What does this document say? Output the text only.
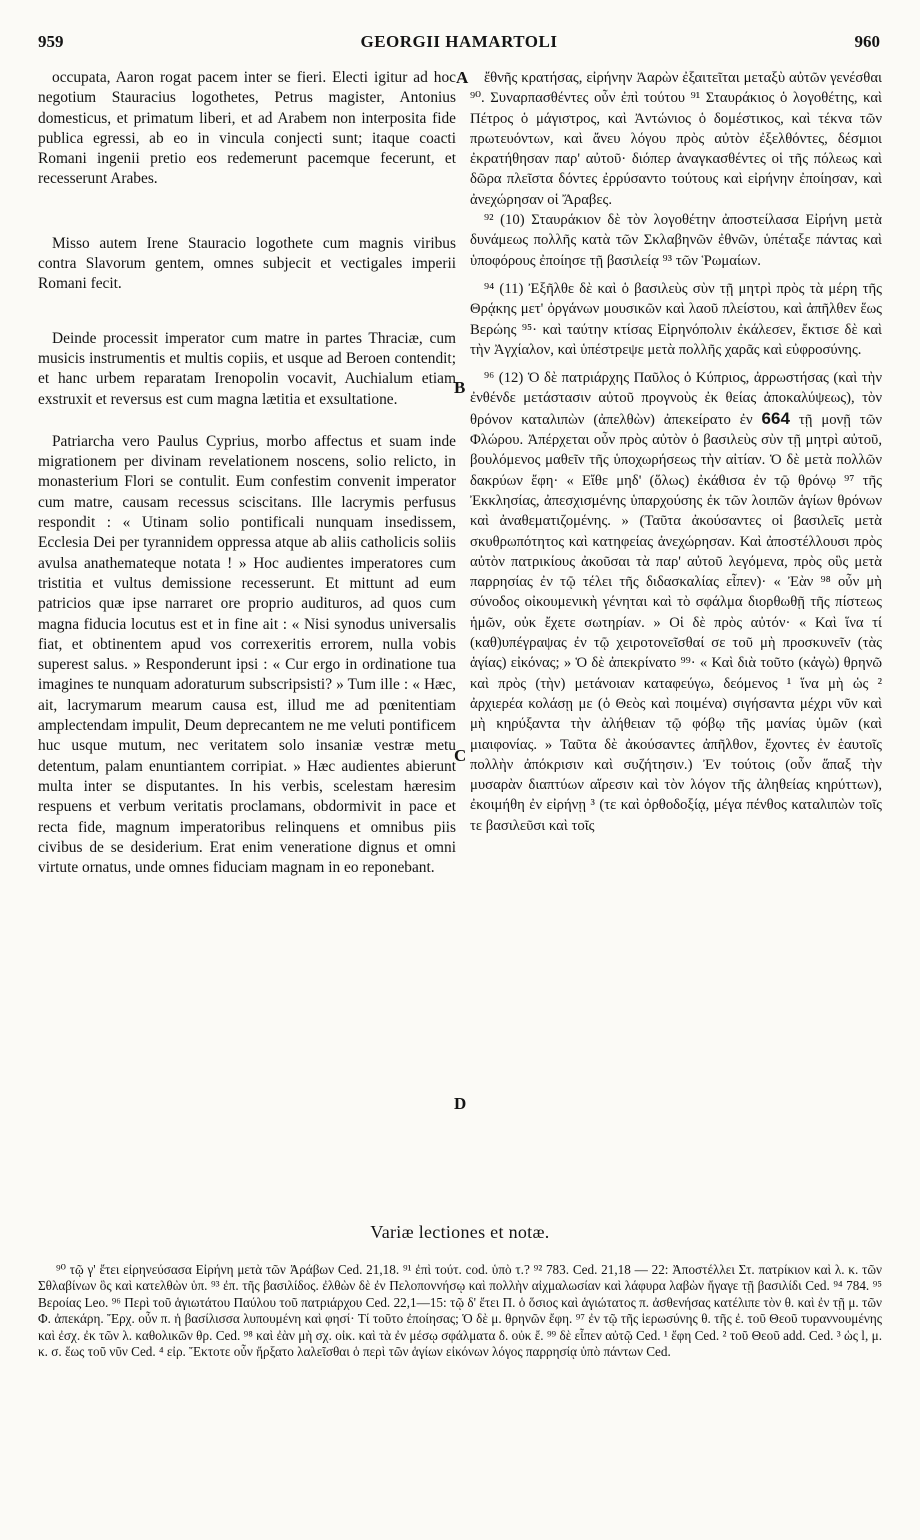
959	GEORGII HAMARTOLI	960

occupata, Aaron rogat pacem inter se fieri. Electi igitur ad hoc negotium Stauracius logothetes, Petrus magister, Antonius domesticus, et primatum liberi, et ad Arabem non interposita fide publica egressi, ab eo in vincula conjecti sunt; itaque coacti Romani ingenii pretio eos redemerunt pacemque fecerunt, et recesserunt Arabes.

Misso autem Irene Stauracio logothete cum magnis viribus contra Slavorum gentem, omnes subjecit et vectigales imperii Romani fecit.

Deinde processit imperator cum matre in partes Thraciæ, cum musicis instrumentis et multis copiis, et usque ad Beroen contendit; et hanc urbem reparatam Irenopolin vocavit, Auchialum etiam exstruxit et reversus est cum magna lætitia et exsultatione.

Patriarcha vero Paulus Cyprius, morbo affectus et suam inde migrationem per divinam revelationem noscens, solio relicto, in monasterium Flori se contulit. Eum confestim convenit imperator cum matre, causam recessus sciscitans. Ille lacrymis perfusus respondit : « Utinam solio pontificali nunquam insedissem, Ecclesia Dei per tyrannidem oppressa atque ab aliis catholicis soliis avulsa anathemateque notata ! » Hoc audientes imperatores cum tristitia et vultus demissione recesserunt. Et mittunt ad eum patricios quæ ipse narraret ore proprio audituros, ad quos cum magna fiducia locutus est et in fine ait : « Nisi synodus universalis fiat, et obtinentem apud vos correxeritis errorem, nulla vobis superest salus. » Responderunt ipsi : « Cur ergo in ordinatione tua imagines te nunquam adoraturum subscripsisti? » Tum ille : « Hæc, ait, lacrymarum mearum causa est, illud me ad pœnitentiam amplectendam impulit, Deum deprecantem ne me veluti pontificem huc usque mutum, nec veritatem solo insaniæ vestræ metu detentum, palam enuntiantem corripiat. » Hæc audientes abierunt multa inter se disputantes. In his verbis, scelestam hæresim respuens et verbum veritatis proclamans, obdormivit in pace et recta fide, magnum imperatoribus relinquens et omnibus piis civibus de se desiderium. Erat enim veneratione dignus et omni virtute ornatus, unde omnes fiduciam magnam in eo reponebant.

A
B
C
D

ἔθνῆς κρατήσας, εἰρήνην Ἀαρὼν ἐξαιτεῖται μεταξὺ αὐτῶν γενέσθαι ⁹⁰. Συναρπασθέντες οὖν ἐπὶ τούτου ⁹¹ Σταυράκιος ὁ λογοθέτης, καὶ Πέτρος ὁ μάγιστρος, καὶ Ἀντώνιος ὁ δομέστικος, καὶ τέκνα τῶν πρωτευόντων, καὶ ἄνευ λόγου πρὸς αὐτὸν ἐξελθόντες, δέσμιοι ἐκρατήθησαν παρ' αὐτοῦ· διόπερ ἀναγκασθέντες οἱ τῆς πόλεως καὶ δῶρα πλεῖστα δόντες ἐρρύσαντο τούτους καὶ εἰρήνην ἐποίησαν, καὶ ἀνεχώρησαν οἱ Ἄραβες.

⁹² (10) Σταυράκιον δὲ τὸν λογοθέτην ἀποστείλασα Εἰρήνη μετὰ δυνάμεως πολλῆς κατὰ τῶν Σκλαβηνῶν ἐθνῶν, ὑπέταξε πάντας καὶ ὑποφόρους ἐποίησε τῇ βασιλείᾳ ⁹³ τῶν Ῥωμαίων.

⁹⁴ (11) Ἐξῆλθε δὲ καὶ ὁ βασιλεὺς σὺν τῇ μητρὶ πρὸς τὰ μέρη τῆς Θρᾴκης μετ' ὀργάνων μουσικῶν καὶ λαοῦ πλείστου, καὶ ἀπῆλθεν ἕως Βερώης ⁹⁵· καὶ ταύτην κτίσας Εἰρηνόπολιν ἐκάλεσεν, ἔκτισε δὲ καὶ τὴν Ἀγχίαλον, καὶ ὑπέστρεψε μετὰ πολλῆς χαρᾶς καὶ εὐφροσύνης.

⁹⁶ (12) Ὁ δὲ πατριάρχης Παῦλος ὁ Κύπριος, ἀρρωστήσας (καὶ τὴν ἐνθένδε μετάστασιν αὐτοῦ προγνοὺς ἐκ θείας ἀποκαλύψεως), τὸν θρόνον καταλιπὼν (ἀπελθὼν) ἀπεκείρατο ἐν 664 τῇ μονῇ τῶν Φλώρου. Ἀπέρχεται οὖν πρὸς αὐτὸν ὁ βασιλεὺς σὺν τῇ μητρὶ αὐτοῦ, βουλόμενος μαθεῖν τῆς ὑποχωρήσεως τὴν αἰτίαν. Ὁ δὲ μετὰ πολλῶν δακρύων ἔφη· « Εἴθε μηδ' (ὅλως) ἐκάθισα ἐν τῷ θρόνῳ ⁹⁷ τῆς Ἐκκλησίας, ἀπεσχισμένης ὑπαρχούσης ἐκ τῶν λοιπῶν ἁγίων θρόνων καὶ ἀναθεματιζομένης. » (Ταῦτα ἀκούσαντες οἱ βασιλεῖς μετὰ σκυθρωπότητος καὶ κατηφείας ἀνεχώρησαν. Καὶ ἀποστέλλουσι πρὸς αὐτὸν πατρικίους ἀκοῦσαι τὰ παρ' αὐτοῦ λεγόμενα, πρὸς οὓς μετὰ παρρησίας ἐν τῷ τέλει τῆς διδασκαλίας εἶπεν)· « Ἐὰν ⁹⁸ οὖν μὴ σύνοδος οἰκουμενικὴ γένηται καὶ τὸ σφάλμα διορθωθῇ τῆς πίστεως ἡμῶν, οὐκ ἔχετε σωτηρίαν. » Οἱ δὲ πρὸς αὐτόν· « Καὶ ἵνα τί (καθ)υπέγραψας ἐν τῷ χειροτονεῖσθαί σε τοῦ μὴ προσκυνεῖν (τὰς ἁγίας) εἰκόνας; » Ὁ δὲ ἀπεκρίνατο ⁹⁹· « Καὶ διὰ τοῦτο (κἀγὼ) θρηνῶ καὶ πρὸς (τὴν) μετάνοιαν καταφεύγω, δεόμενος ¹ ἵνα μὴ ὡς ² ἀρχιερέα κολάσῃ με (ὁ Θεὸς καὶ ποιμένα) σιγήσαντα μέχρι νῦν καὶ μὴ κηρύξαντα τὴν ἀλήθειαν τῷ φόβῳ τῆς μανίας ὑμῶν (καὶ μιαιφονίας. » Ταῦτα δὲ ἀκούσαντες ἀπῆλθον, ἔχοντες ἐν ἑαυτοῖς πολλὴν ἀπόκρισιν καὶ συζήτησιν.) Ἐν τούτοις (οὖν ἅπαξ τὴν μυσαρὰν διαπτύων αἵρεσιν καὶ τὸν λόγον τῆς ἀληθείας κηρύττων), ἐκοιμήθη ἐν εἰρήνῃ ³ (τε καὶ ὀρθοδοξίᾳ, μέγα πένθος καταλιπὼν τοῖς τε βασιλεῦσι καὶ τοῖς

Variæ lectiones et notæ.

⁹⁰ τῷ γ' ἔτει εἰρηνεύσασα Εἰρήνη μετὰ τῶν Ἀράβων Ced. 21,18. ⁹¹ ἐπὶ τούτ. cod. ὑπὸ τ.? ⁹² 783. Ced. 21,18 — 22: Ἀποστέλλει Στ. πατρίκιον καὶ λ. κ. τῶν Σθλαβίνων ὃς καὶ κατελθὼν ὑπ. ⁹³ ἐπ. τῆς βασιλίδος. ἐλθὼν δὲ ἐν Πελοποννήσῳ καὶ πολλὴν αἰχμαλωσίαν καὶ λάφυρα λαβὼν ἤγαγε τῇ βασιλίδι Ced. ⁹⁴ 784. ⁹⁵ Βεροίας Leo. ⁹⁶ Περὶ τοῦ ἁγιωτάτου Παύλου τοῦ πατριάρχου Ced. 22,1—15: τῷ δ' ἔτει Π. ὁ ὅσιος καὶ ἁγιώτατος π. ἀσθενήσας κατέλιπε τὸν θ. καὶ ἐν τῇ μ. τῶν Φ. ἀπεκάρη. Ἔρχ. οὖν π. ἡ βασίλισσα λυπουμένη καὶ φησί· Τί τοῦτο ἐποίησας; Ὁ δὲ μ. θρηνῶν ἔφη. ⁹⁷ ἐν τῷ τῆς ἱερωσύνης θ. τῆς ἐ. τοῦ Θεοῦ τυραννουμένης καὶ ἐσχ. ἐκ τῶν λ. καθολικῶν θρ. Ced. ⁹⁸ καὶ ἐὰν μὴ σχ. οἰκ. καὶ τὰ ἐν μέσῳ σφάλματα δ. οὐκ ἔ. ⁹⁹ δὲ εἶπεν αὐτῷ Ced. ¹ ἔφη Ced. ² τοῦ Θεοῦ add. Ced. ³ ὡς l, μ. κ. σ. ἕως τοῦ νῦν Ced. ⁴ εἰρ. Ἔκτοτε οὖν ἤρξατο λαλεῖσθαι ὁ περὶ τῶν ἁγίων εἰκόνων λόγος παρρησίᾳ ὑπὸ πάντων Ced.
